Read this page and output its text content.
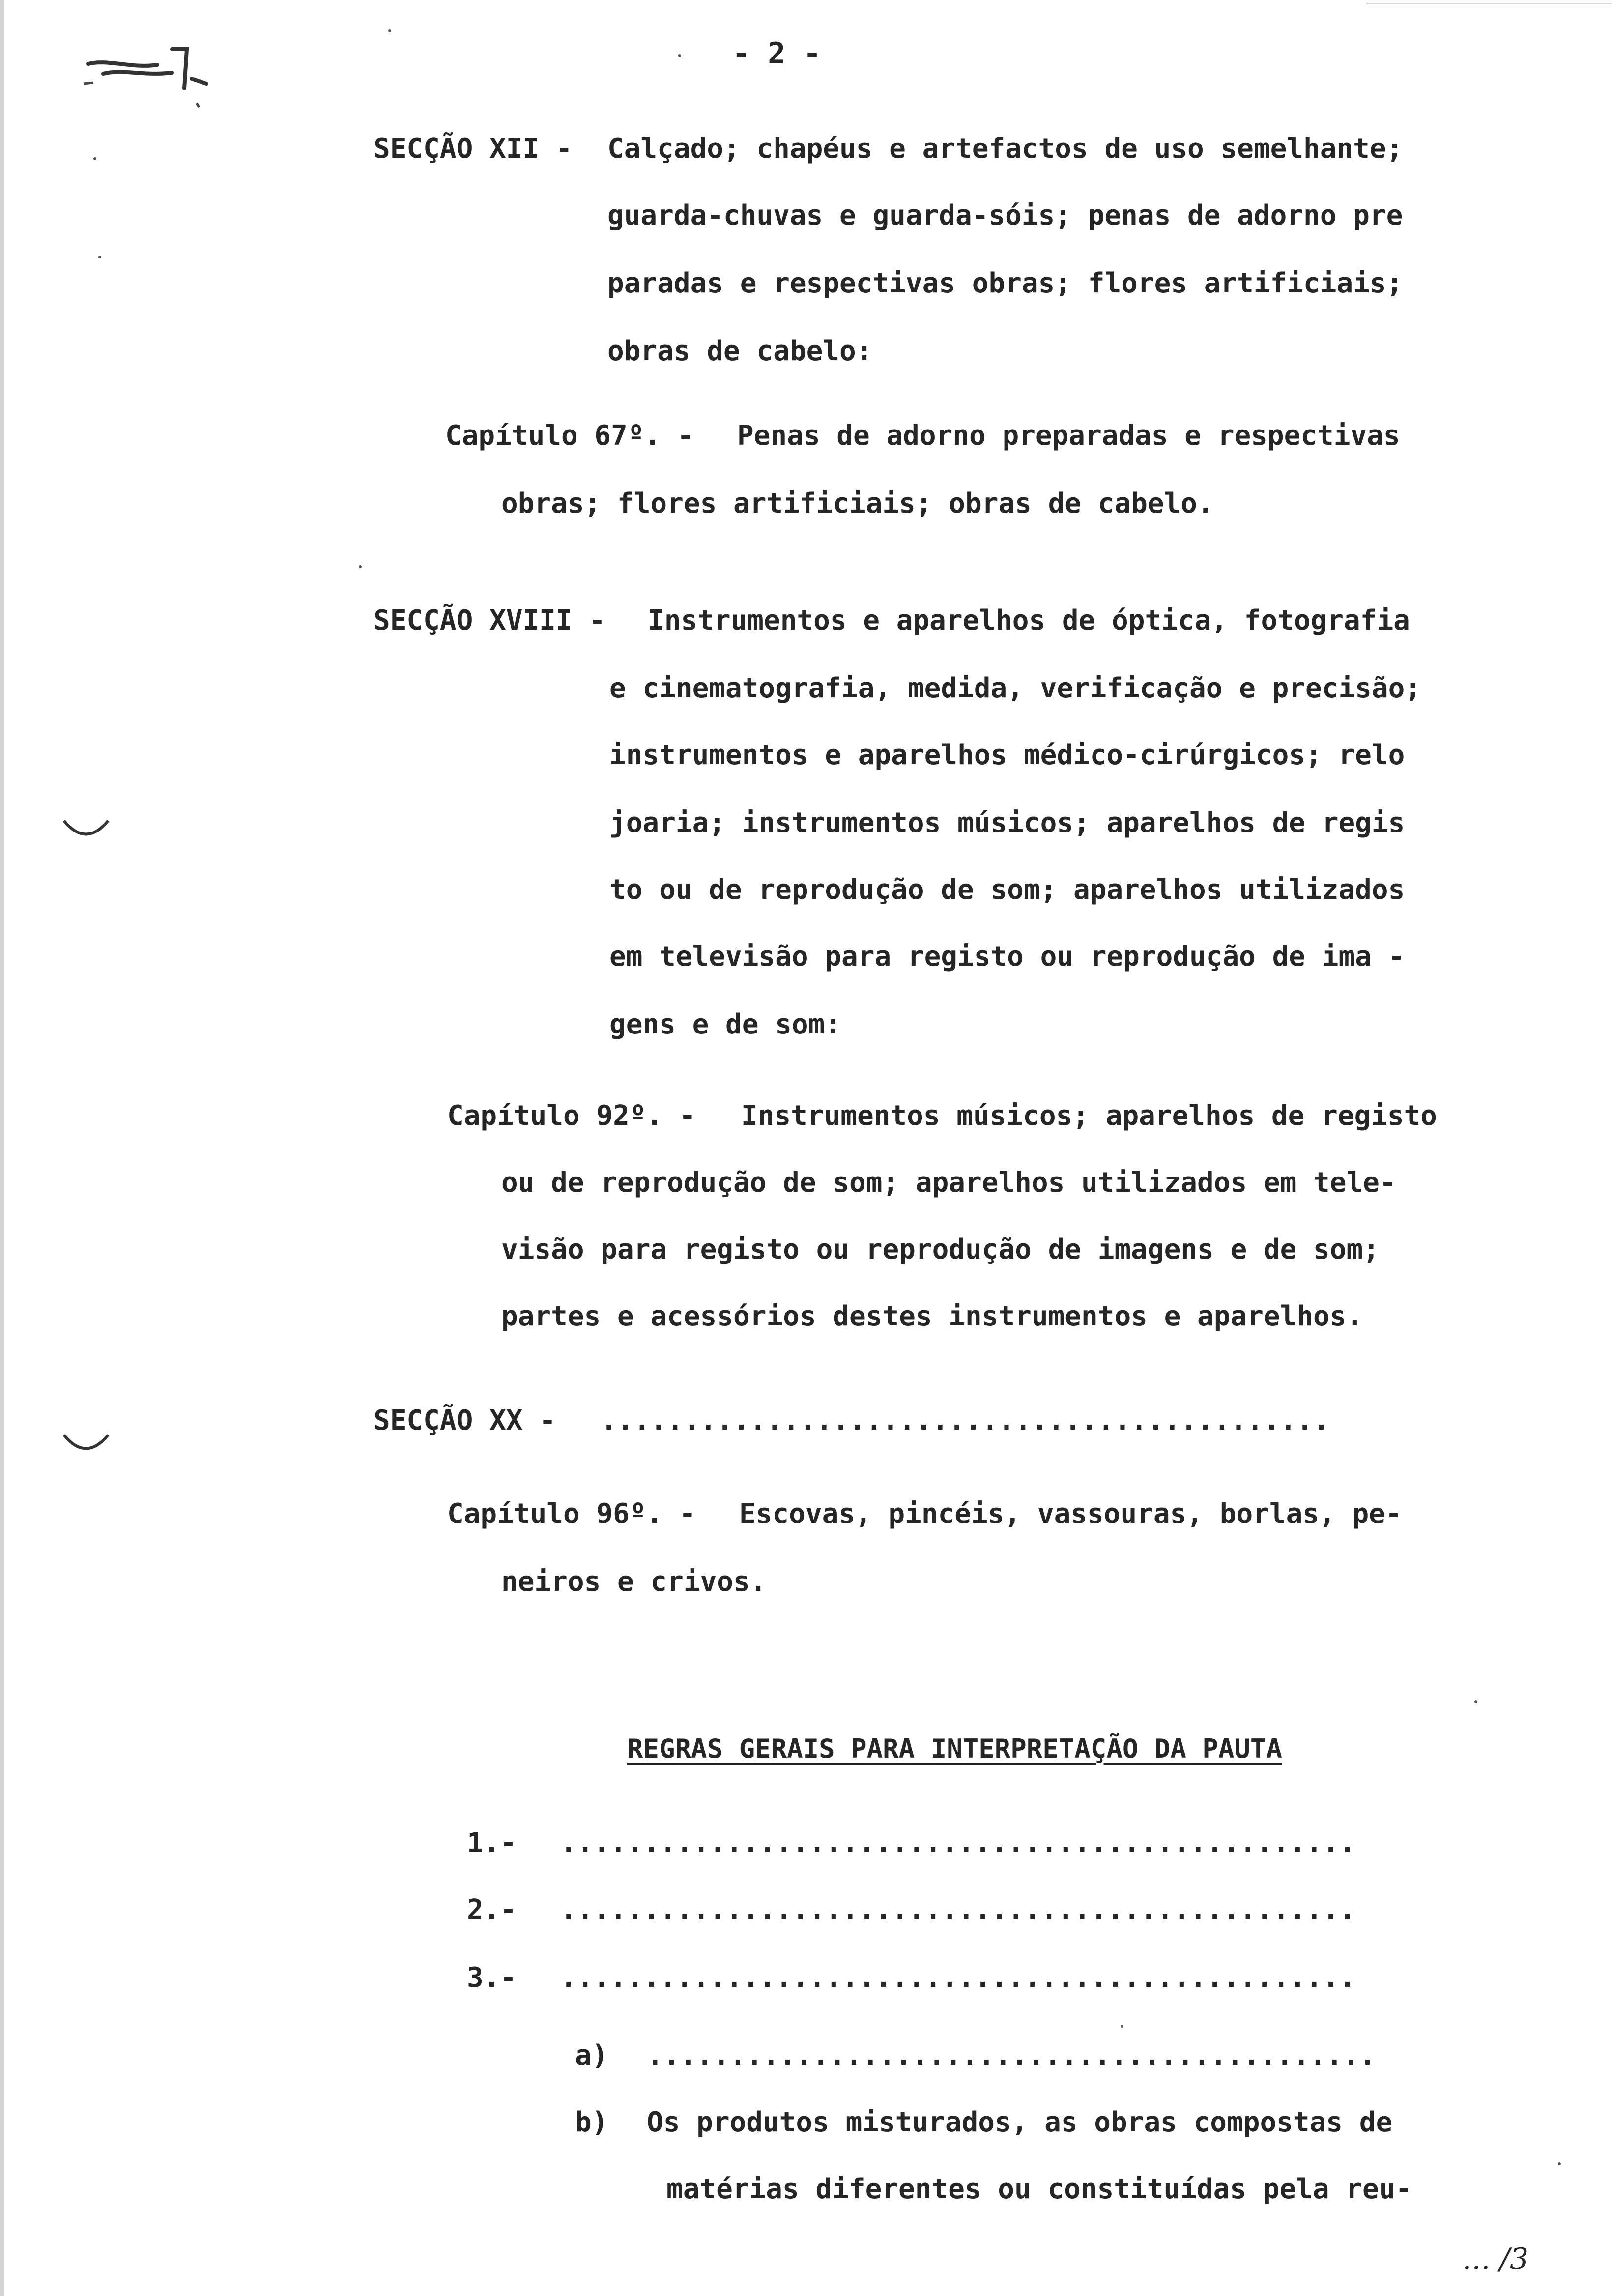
- 2 -
SECÇÃO XII - Calçado; chapéus e artefactos de uso semelhante;
guarda-chuvas e guarda-sóis; penas de adorno pre
paradas e respectivas obras; flores artificiais;
obras de cabelo:
Capítulo 67º. - Penas de adorno preparadas e respectivas
obras; flores artificiais; obras de cabelo.
SECÇÃO XVIII - Instrumentos e aparelhos de óptica, fotografia
e cinematografia, medida, verificação e precisão;
instrumentos e aparelhos médico-cirúrgicos; relo
joaria; instrumentos músicos; aparelhos de regis
to ou de reprodução de som; aparelhos utilizados
em televisão para registo ou reprodução de ima -
gens e de som:
Capítulo 92º. - Instrumentos músicos; aparelhos de registo
ou de reprodução de som; aparelhos utilizados em tele-
visão para registo ou reprodução de imagens e de som;
partes e acessórios destes instrumentos e aparelhos.
SECÇÃO XX - ............................................
Capítulo 96º. - Escovas, pincéis, vassouras, borlas, pe-
neiros e crivos.
REGRAS GERAIS PARA INTERPRETAÇÃO DA PAUTA
1.- ................................................
2.- ................................................
3.- ................................................
a) ............................................
b) Os produtos misturados, as obras compostas de
matérias diferentes ou constituídas pela reu-
... /3
